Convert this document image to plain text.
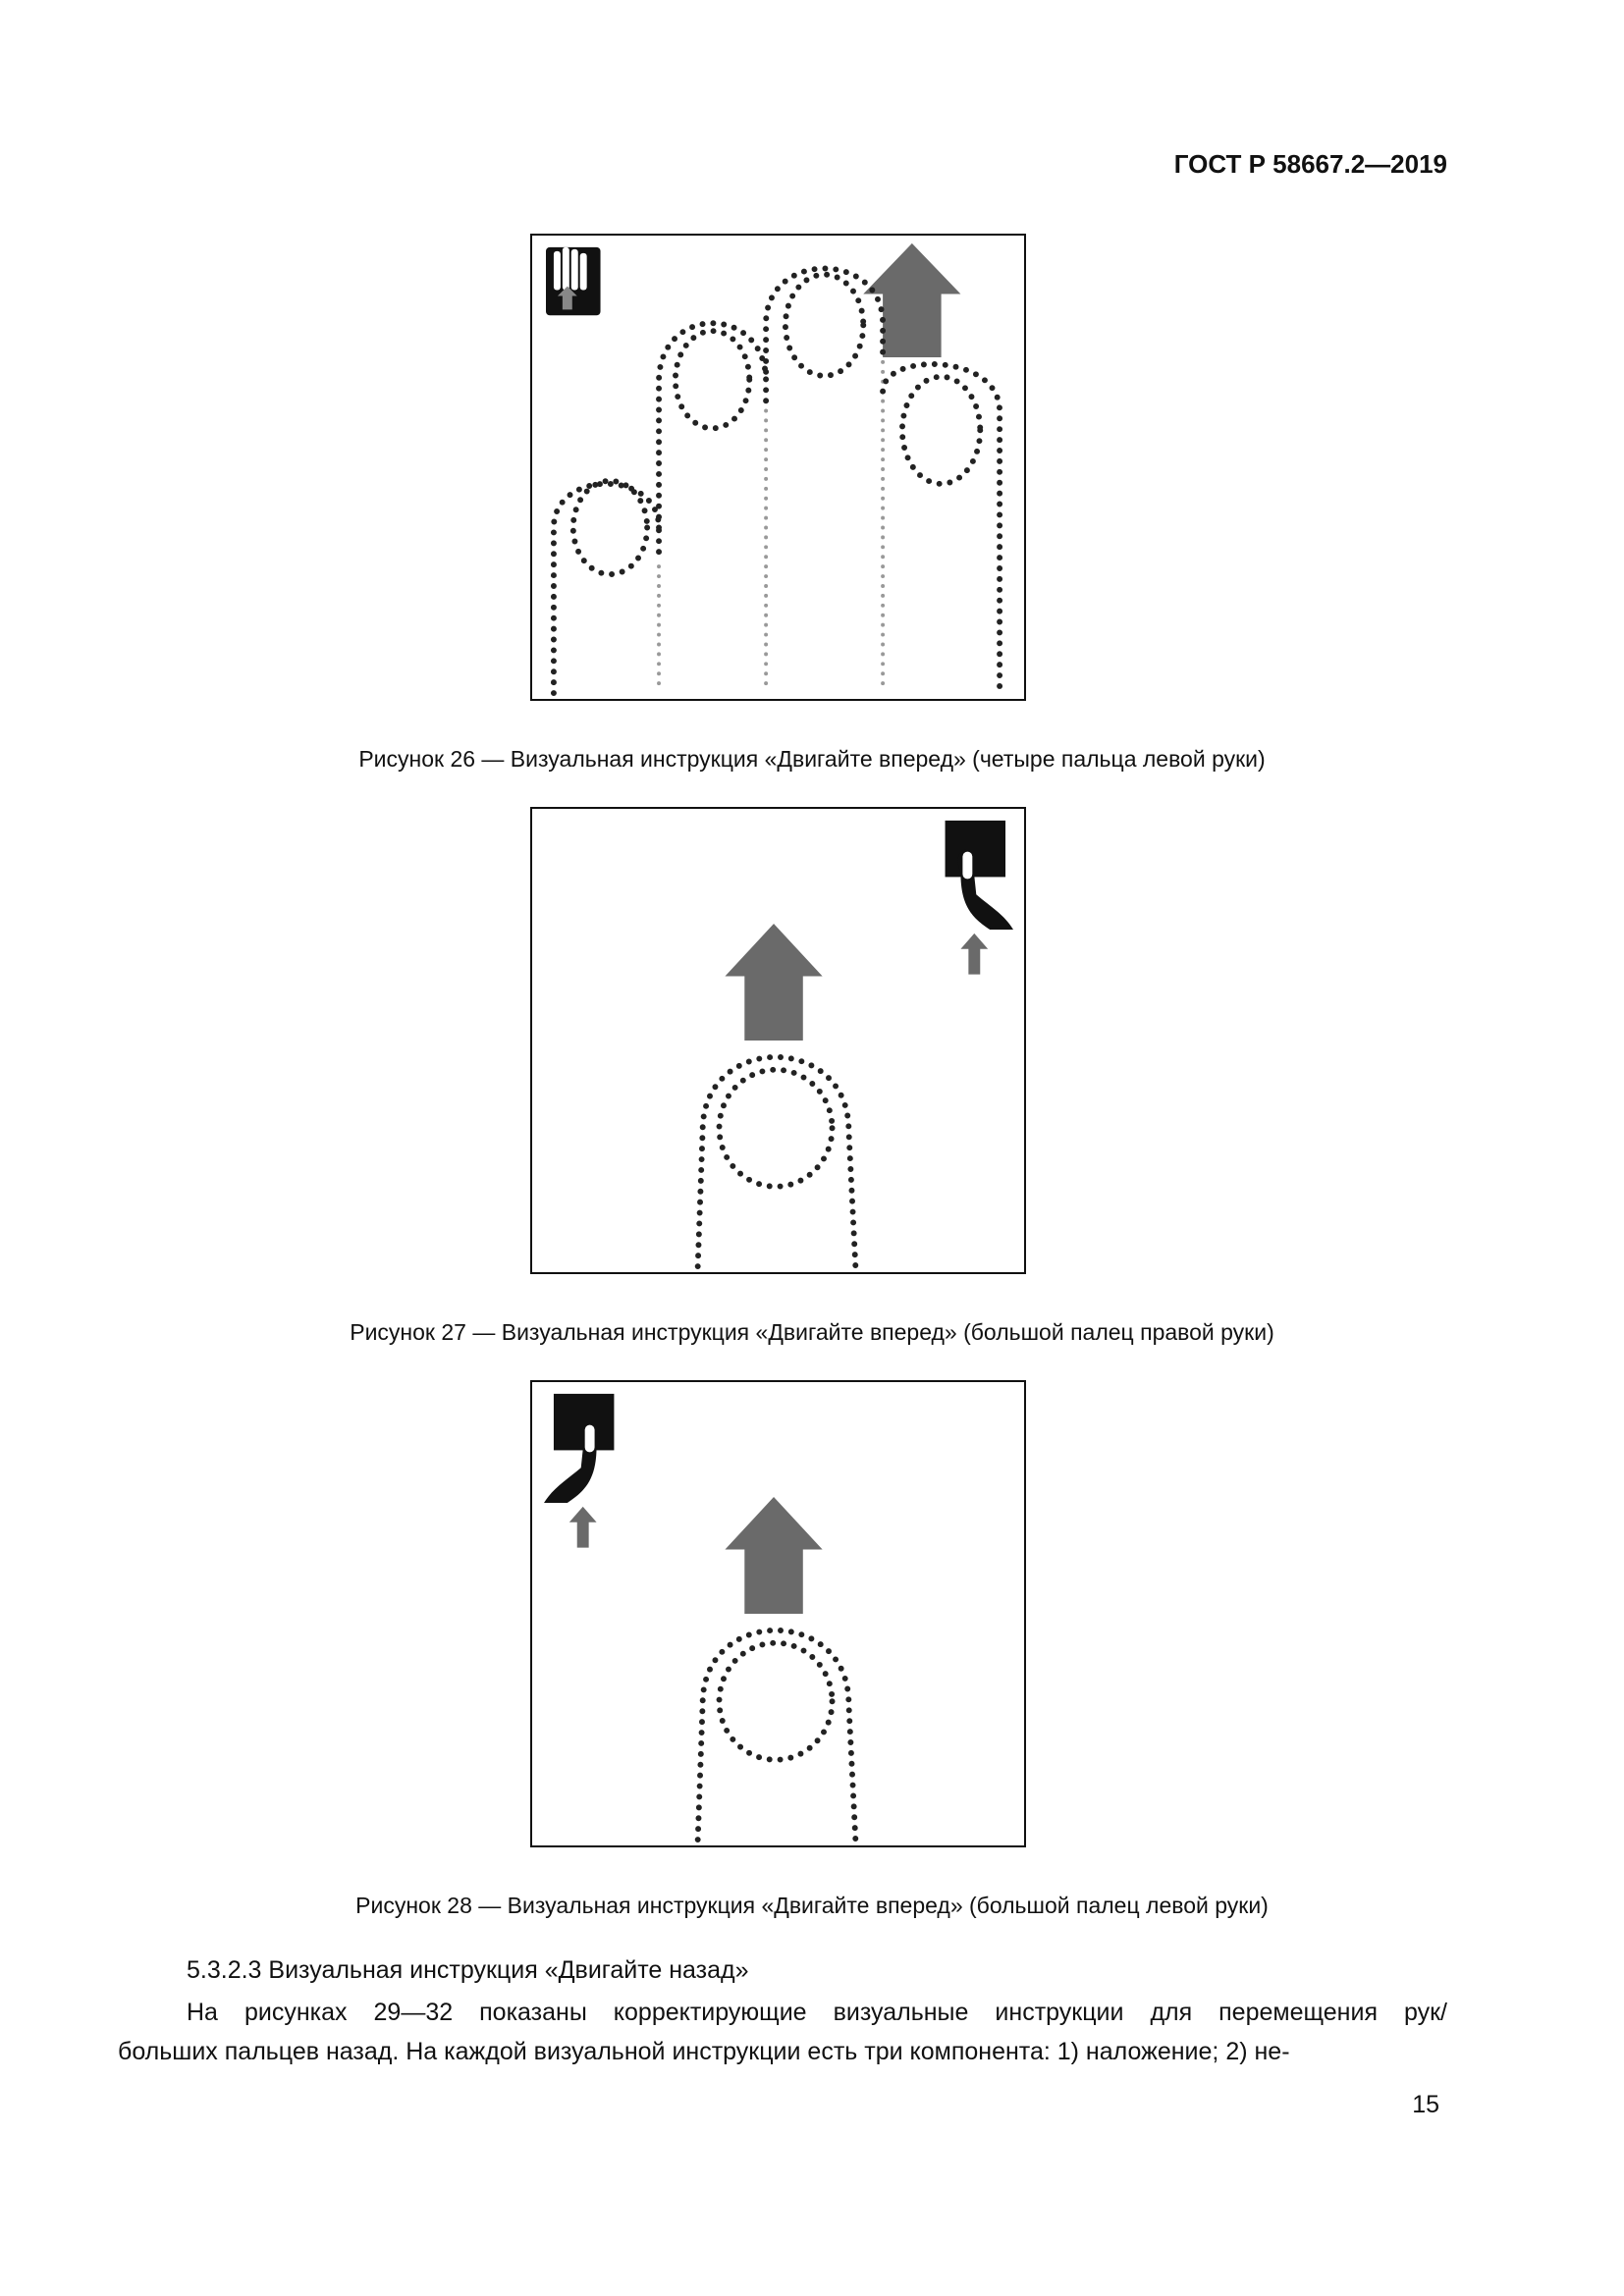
ГОСТ Р 58667.2—2019
Рисунок 26 — Визуальная инструкция «Двигайте вперед» (четыре пальца левой руки)
Рисунок 27 — Визуальная инструкция «Двигайте вперед» (большой палец правой руки)
Рисунок 28 — Визуальная инструкция «Двигайте вперед» (большой палец левой руки)
5.3.2.3 Визуальная инструкция «Двигайте назад»
На рисунках 29—32 показаны корректирующие визуальные инструкции для перемещения рук/
больших пальцев назад. На каждой визуальной инструкции есть три компонента: 1) наложение; 2) не-
15
